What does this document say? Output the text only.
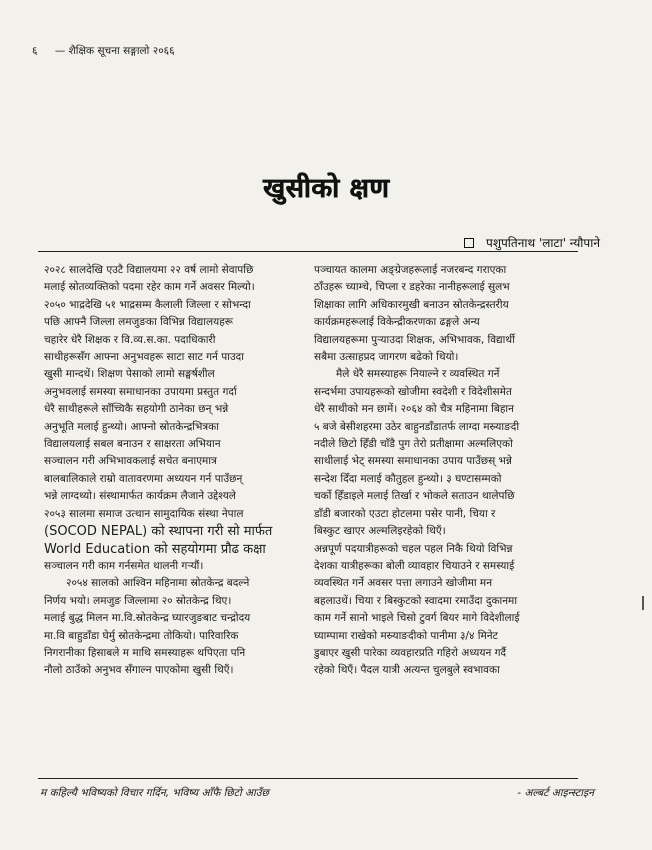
६ — शैक्षिक सूचना सङ्गालो २०६६
खुसीको क्षण
पशुपतिनाथ 'लाटा' न्यौपाने
२०२८ सालदेखि एउटै विद्यालयमा २२ वर्ष लामो सेवापछि
मलाई स्रोतव्यक्तिको पदमा रहेर काम गर्ने अवसर मिल्यो।
२०५० भाद्रदेखि ५१ भाद्रसम्म कैलाली जिल्ला र सोभन्दा
पछि आफ्नै जिल्ला लमजुङका विभिन्न विद्यालयहरू
चहारेर धेरै शिक्षक र वि.व्य.स.का. पदाधिकारी
साथीहरूसँग आफ्ना अनुभवहरू साटा साट गर्न पाउदा
खुसी मान्दथें। शिक्षण पेसाको लामो सङ्घर्षशील
अनुभवलाई समस्या समाधानका उपायमा प्रस्तुत गर्दा
धेरै साथीहरूले साँच्चिकै सहयोगी ठानेका छन् भन्ने
अनुभूति मलाई हुन्थ्यो। आफ्नो स्रोतकेन्द्रभित्रका
विद्यालयलाई सबल बनाउन र साक्षरता अभियान
सञ्चालन गरी अभिभावकलाई सचेत बनाएमात्र
बालबालिकाले राम्रो वातावरणमा अध्ययन गर्न पाउँछन्
भन्ने लाग्दथ्यो। संस्थामार्फत कार्यक्रम लैजाने उद्देश्यले
२०५३ सालमा समाज उत्थान सामुदायिक संस्था नेपाल
(SOCOD NEPAL) को स्थापना गरी सो मार्फत
World Education को सहयोगमा प्रौढ कक्षा
सञ्चालन गरी काम गर्नसमेत थालनी गर्‍यौं।
२०५४ सालको आश्विन महिनामा स्रोतकेन्द्र बदल्ने
निर्णय भयो। लमजुङ जिल्लामा २० स्रोतकेन्द्र थिए।
मलाई बुद्ध मिलन मा.वि.स्रोतकेन्द्र घ्यारजुङबाट चन्द्रोदय
मा.वि बाहुडाँडा घेर्मु स्रोतकेन्द्रमा तोकियो। पारिवारिक
निगरानीका हिसाबले म माथि समस्याहरू थपिएता पनि
नौलो ठाउँको अनुभव सँगाल्न पाएकोमा खुसी थिएँ।
पञ्चायत कालमा अङ्ग्रेजहरूलाई नजरबन्द गराएका
ठाँउहरू च्याम्चे, चिप्ला र डहरेका नानीहरूलाई सुलभ
शिक्षाका लागि अधिकारमुखी बनाउन स्रोतकेन्द्रस्तरीय
कार्यक्रमहरूलाई विकेन्द्रीकरणका ढङ्गले अन्य
विद्यालयहरूमा पुर्‍याउदा शिक्षक, अभिभावक, विद्यार्थी
सबैमा उत्साहप्रद जागरण बढेको थियो।
मैले धेरै समस्याहरू नियाल्ने र व्यवस्थित गर्ने
सन्दर्भमा उपायहरूको खोजीमा स्वदेशी र विदेशीसमेत
धेरै साथीको मन छामें। २०६४ को चैत्र महिनामा बिहान
५ बजे बेसीशहरमा उठेर बाहुनडाँडातर्फ लाग्दा मस्र्याङदी
नदीले छिटो हिँडी चाँडै पुग तेरो प्रतीक्षामा अल्मलिएको
साथीलाई भेट् समस्या समाधानका उपाय पाउँछस् भन्ने
सन्देश दिँदा मलाई कौतुहल हुन्थ्यो। ३ घण्टासम्मको
चर्को हिँडाइले मलाई तिर्खा र भोकले सताउन थालेपछि
डाँडी बजारको एउटा होटलमा पसेर पानी, चिया र
बिस्कुट खाएर अल्मलिइरहेको थिएँ।
अन्नपूर्ण पदयात्रीहरूको चहल पहल निकै थियो विभिन्न
देशका यात्रीहरूका बोली व्यावहार चियाउने र समस्याई
व्यवस्थित गर्ने अवसर पत्ता लगाउने खोजीमा मन
बहलाउथें। चिया र बिस्कुटको स्वादमा रमाउँदा दुकानमा
काम गर्ने सानो भाइले चिसो टुवर्ग बियर मागे विदेशीलाई
घ्याम्पामा राखेको मस्र्याङदीको पानीमा ३/४ मिनेट
डुबाएर खुसी पारेका व्यवहारप्रति गहिरो अध्ययन गर्दै
रहेको थिएँ। पैदल यात्री अत्यन्त चुलबुले स्वभावका
म कहिल्यै भविष्यको विचार गर्दिन, भविष्य आँफै छिटो आउँछ	- अल्बर्ट आइन्स्टाइन
